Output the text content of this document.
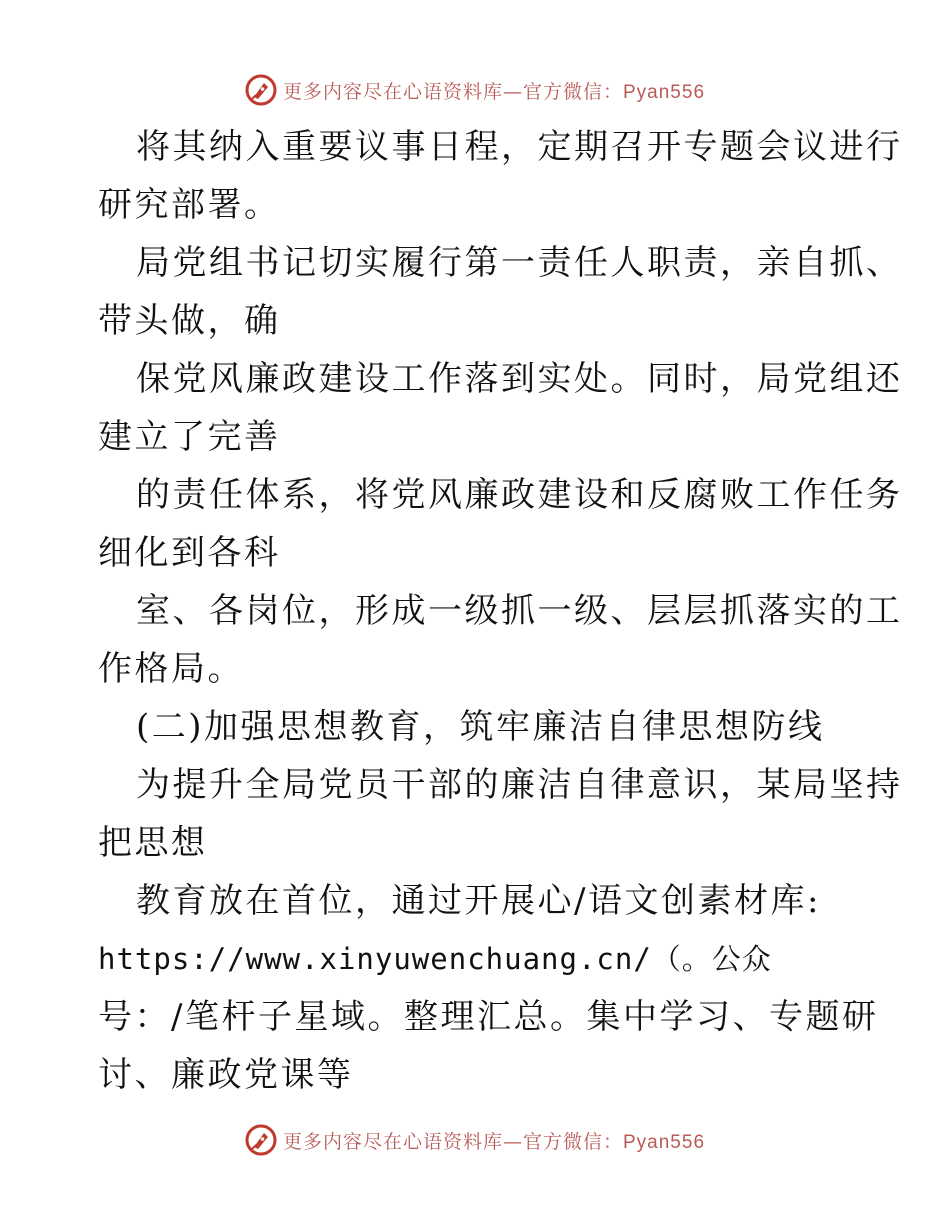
更多内容尽在心语资料库—官方微信：Pyan556
将其纳入重要议事日程，定期召开专题会议进行
研究部署。
局党组书记切实履行第一责任人职责，亲自抓、
带头做，确
保党风廉政建设工作落到实处。同时，局党组还
建立了完善
的责任体系，将党风廉政建设和反腐败工作任务
细化到各科
室、各岗位，形成一级抓一级、层层抓落实的工
作格局。
(二)加强思想教育，筑牢廉洁自律思想防线
为提升全局党员干部的廉洁自律意识，某局坚持
把思想
教育放在首位，通过开展心/语文创素材库:
https://www.xinyuwenchuang.cn/（。公众
号：/笔杆子星域。整理汇总。集中学习、专题研
讨、廉政党课等
更多内容尽在心语资料库—官方微信：Pyan556
